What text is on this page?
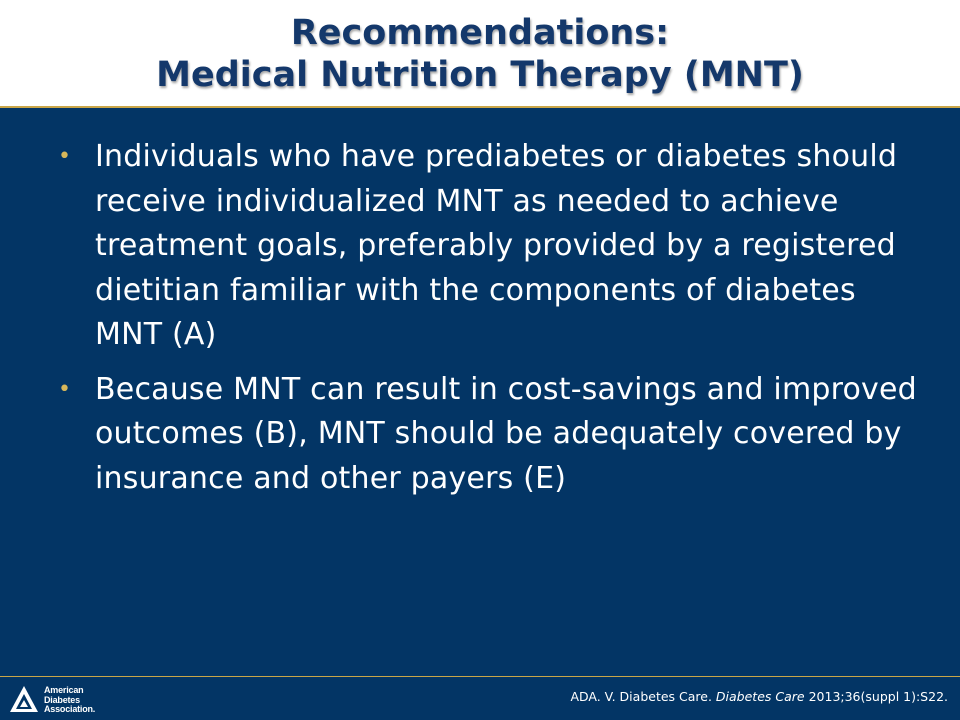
Recommendations:
Medical Nutrition Therapy (MNT)
• Individuals who have prediabetes or diabetes should receive individualized MNT as needed to achieve treatment goals, preferably provided by a registered dietitian familiar with the components of diabetes MNT (A)
• Because MNT can result in cost-savings and improved outcomes (B), MNT should be adequately covered by insurance and other payers (E)
American
Diabetes
Association.
ADA. V. Diabetes Care. Diabetes Care 2013;36(suppl 1):S22.
